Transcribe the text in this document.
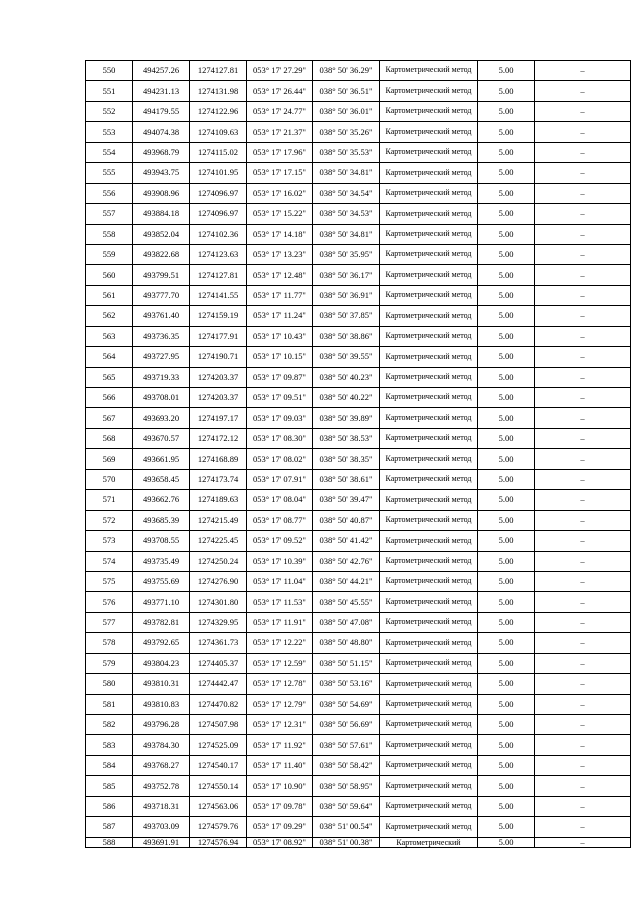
550	494257.26	1274127.81	053° 17' 27.29"	038° 50' 36.29"	Картометрический метод	5.00	–
551	494231.13	1274131.98	053° 17' 26.44"	038° 50' 36.51"	Картометрический метод	5.00	–
552	494179.55	1274122.96	053° 17' 24.77"	038° 50' 36.01"	Картометрический метод	5.00	–
553	494074.38	1274109.63	053° 17' 21.37"	038° 50' 35.26"	Картометрический метод	5.00	–
554	493968.79	1274115.02	053° 17' 17.96"	038° 50' 35.53"	Картометрический метод	5.00	–
555	493943.75	1274101.95	053° 17' 17.15"	038° 50' 34.81"	Картометрический метод	5.00	–
556	493908.96	1274096.97	053° 17' 16.02"	038° 50' 34.54"	Картометрический метод	5.00	–
557	493884.18	1274096.97	053° 17' 15.22"	038° 50' 34.53"	Картометрический метод	5.00	–
558	493852.04	1274102.36	053° 17' 14.18"	038° 50' 34.81"	Картометрический метод	5.00	–
559	493822.68	1274123.63	053° 17' 13.23"	038° 50' 35.95"	Картометрический метод	5.00	–
560	493799.51	1274127.81	053° 17' 12.48"	038° 50' 36.17"	Картометрический метод	5.00	–
561	493777.70	1274141.55	053° 17' 11.77"	038° 50' 36.91"	Картометрический метод	5.00	–
562	493761.40	1274159.19	053° 17' 11.24"	038° 50' 37.85"	Картометрический метод	5.00	–
563	493736.35	1274177.91	053° 17' 10.43"	038° 50' 38.86"	Картометрический метод	5.00	–
564	493727.95	1274190.71	053° 17' 10.15"	038° 50' 39.55"	Картометрический метод	5.00	–
565	493719.33	1274203.37	053° 17' 09.87"	038° 50' 40.23"	Картометрический метод	5.00	–
566	493708.01	1274203.37	053° 17' 09.51"	038° 50' 40.22"	Картометрический метод	5.00	–
567	493693.20	1274197.17	053° 17' 09.03"	038° 50' 39.89"	Картометрический метод	5.00	–
568	493670.57	1274172.12	053° 17' 08.30"	038° 50' 38.53"	Картометрический метод	5.00	–
569	493661.95	1274168.89	053° 17' 08.02"	038° 50' 38.35"	Картометрический метод	5.00	–
570	493658.45	1274173.74	053° 17' 07.91"	038° 50' 38.61"	Картометрический метод	5.00	–
571	493662.76	1274189.63	053° 17' 08.04"	038° 50' 39.47"	Картометрический метод	5.00	–
572	493685.39	1274215.49	053° 17' 08.77"	038° 50' 40.87"	Картометрический метод	5.00	–
573	493708.55	1274225.45	053° 17' 09.52"	038° 50' 41.42"	Картометрический метод	5.00	–
574	493735.49	1274250.24	053° 17' 10.39"	038° 50' 42.76"	Картометрический метод	5.00	–
575	493755.69	1274276.90	053° 17' 11.04"	038° 50' 44.21"	Картометрический метод	5.00	–
576	493771.10	1274301.80	053° 17' 11.53"	038° 50' 45.55"	Картометрический метод	5.00	–
577	493782.81	1274329.95	053° 17' 11.91"	038° 50' 47.08"	Картометрический метод	5.00	–
578	493792.65	1274361.73	053° 17' 12.22"	038° 50' 48.80"	Картометрический метод	5.00	–
579	493804.23	1274405.37	053° 17' 12.59"	038° 50' 51.15"	Картометрический метод	5.00	–
580	493810.31	1274442.47	053° 17' 12.78"	038° 50' 53.16"	Картометрический метод	5.00	–
581	493810.83	1274470.82	053° 17' 12.79"	038° 50' 54.69"	Картометрический метод	5.00	–
582	493796.28	1274507.98	053° 17' 12.31"	038° 50' 56.69"	Картометрический метод	5.00	–
583	493784.30	1274525.09	053° 17' 11.92"	038° 50' 57.61"	Картометрический метод	5.00	–
584	493768.27	1274540.17	053° 17' 11.40"	038° 50' 58.42"	Картометрический метод	5.00	–
585	493752.78	1274550.14	053° 17' 10.90"	038° 50' 58.95"	Картометрический метод	5.00	–
586	493718.31	1274563.06	053° 17' 09.78"	038° 50' 59.64"	Картометрический метод	5.00	–
587	493703.09	1274579.76	053° 17' 09.29"	038° 51' 00.54"	Картометрический метод	5.00	–
588	493691.91	1274576.94	053° 17' 08.92"	038° 51' 00.38"	Картометрический	5.00	–
